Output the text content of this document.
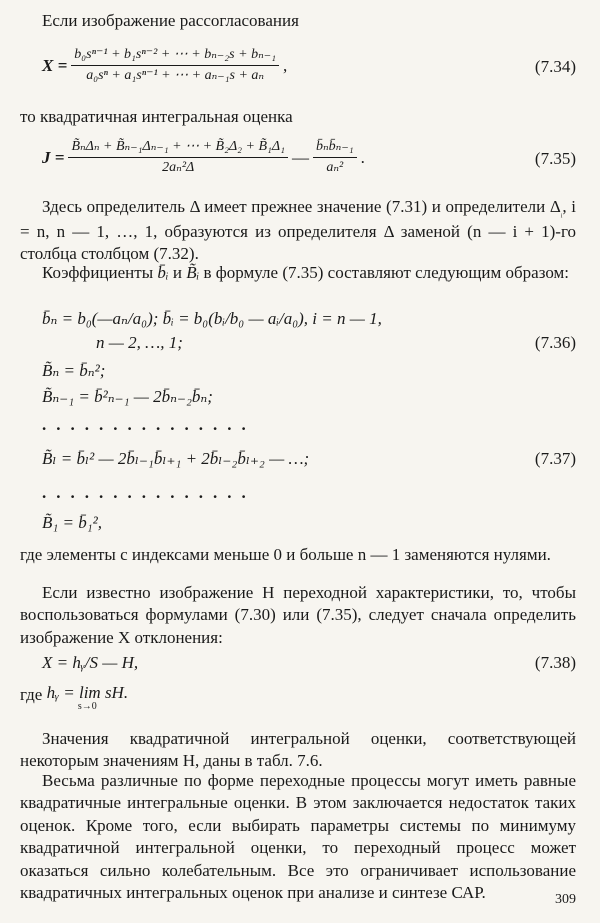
Если изображение рассогласования

$X = \frac{\text{b₀sⁿ⁻¹ + b₁sⁿ⁻² + ⋯ + bₙ₋₂s + bₙ₋₁}}{\text{a₀sⁿ + a₁sⁿ⁻¹ + ⋯ + aₙ₋₁s + aₙ}}$ ,	(7.34)

то квадратичная интегральная оценка

$J = \frac{\text{B̃ₙΔₙ + B̃ₙ₋₁Δₙ₋₁ + ⋯ + B̃₂Δ₂ + B̃₁Δ₁}}{\text{2aₙ²Δ}}$ — $\frac{\text{b̄ₙb̄ₙ₋₁}}{\text{aₙ²}}$ .	(7.35)

Здесь определитель Δ имеет прежнее значение (7.31) и определители $\Delta_ᵢ$, i = n, n — 1, …, 1, образуются из определителя Δ заменой (n — i + 1)-го столбца столбцом (7.32).

Коэффициенты b̄ᵢ и B̃ᵢ в формуле (7.35) составляют следующим образом:

b̄ₙ = b₀(—aₙ/a₀); b̄ᵢ = b₀(bᵢ/b₀ — aᵢ/a₀), i = n — 1,
n — 2, …, 1;	(7.36)
B̃ₙ = b̄ₙ²;
B̃ₙ₋₁ = b̄²ₙ₋₁ — 2b̄ₙ₋₂b̄ₙ;
...............
B̃ₗ = b̄ₗ² — 2b̄ₗ₋₁b̄ₗ₊₁ + 2b̄ₗ₋₂b̄ₗ₊₂ — …;	(7.37)
...............
B̃₁ = b̄₁²,

где элементы с индексами меньше 0 и больше n — 1 заменяются нулями.

Если известно изображение H переходной характеристики, то, чтобы воспользоваться формулами (7.30) или (7.35), следует сначала определить изображение X отклонения:

X = hᵧ/S — H,	(7.38)

где hᵧ = lim sH.
s→0

Значения квадратичной интегральной оценки, соответствующей некоторым значениям H, даны в табл. 7.6.

Весьма различные по форме переходные процессы могут иметь равные квадратичные интегральные оценки. В этом заключается недостаток таких оценок. Кроме того, если выбирать параметры системы по минимуму квадратичной интегральной оценки, то переходный процесс может оказаться сильно колебательным. Все это ограничивает использование квадратичных интегральных оценок при анализе и синтезе САР.	309
